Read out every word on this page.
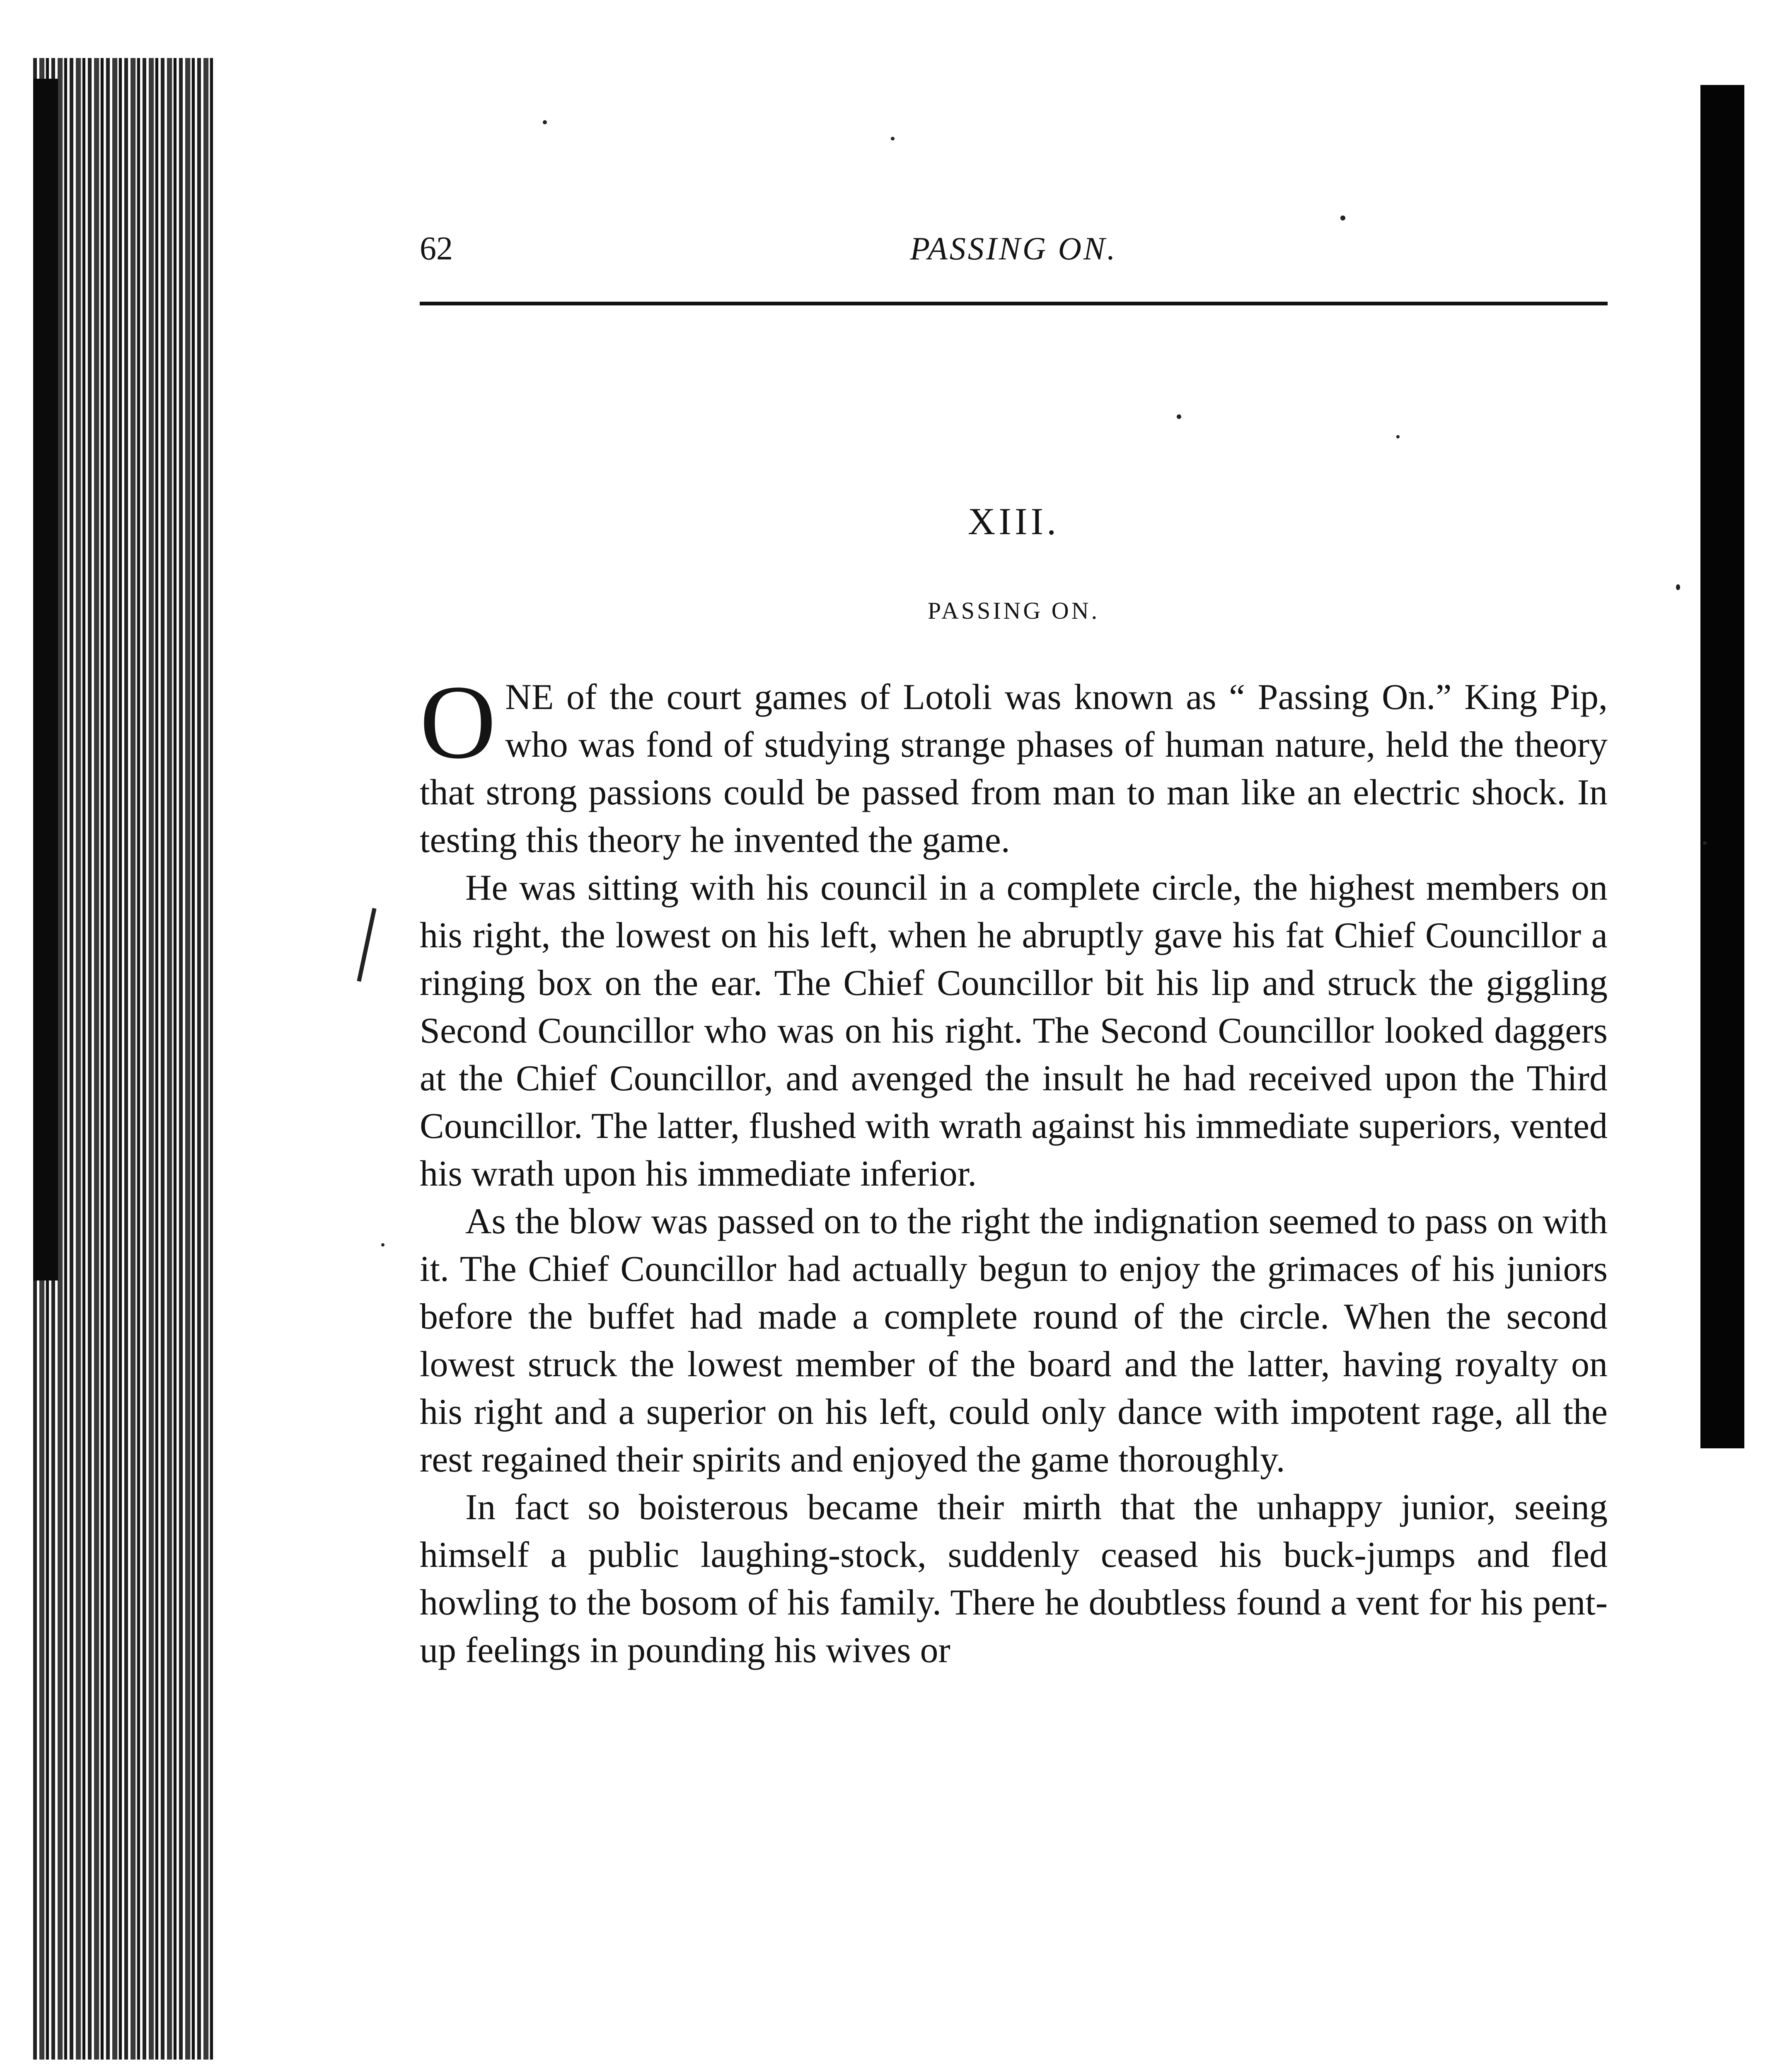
62	PASSING ON.
XIII.
PASSING ON.

ONE of the court games of Lotoli was known as “ Passing On.” King Pip, who was fond of studying strange phases of human nature, held the theory that strong passions could be passed from man to man like an electric shock. In testing this theory he invented the game.

He was sitting with his council in a complete circle, the highest members on his right, the lowest on his left, when he abruptly gave his fat Chief Councillor a ringing box on the ear. The Chief Councillor bit his lip and struck the giggling Second Councillor who was on his right. The Second Councillor looked daggers at the Chief Councillor, and avenged the insult he had received upon the Third Councillor. The latter, flushed with wrath against his immediate superiors, vented his wrath upon his immediate inferior.

As the blow was passed on to the right the indignation seemed to pass on with it. The Chief Councillor had actually begun to enjoy the grimaces of his juniors before the buffet had made a complete round of the circle. When the second lowest struck the lowest member of the board and the latter, having royalty on his right and a superior on his left, could only dance with impotent rage, all the rest regained their spirits and enjoyed the game thoroughly.

In fact so boisterous became their mirth that the unhappy junior, seeing himself a public laughing-stock, suddenly ceased his buck-jumps and fled howling to the bosom of his family. There he doubtless found a vent for his pent-up feelings in pounding his wives or
